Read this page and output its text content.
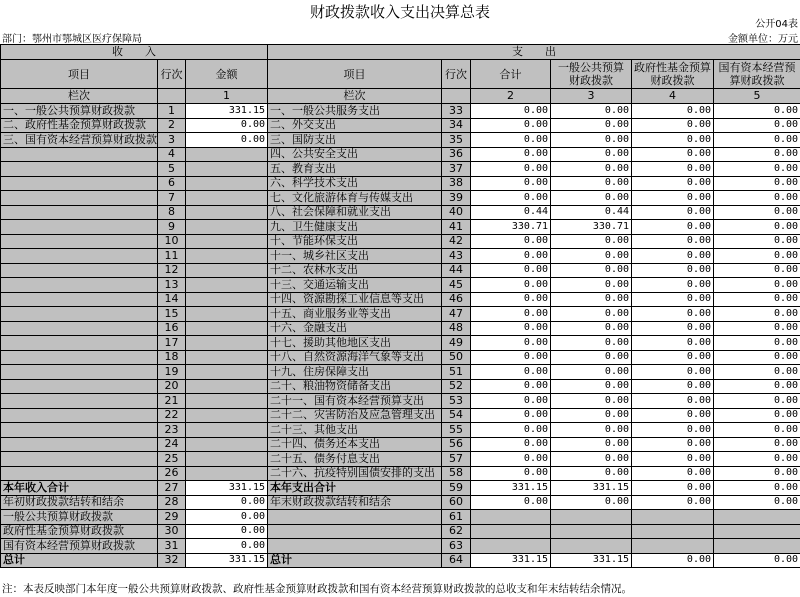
财政拨款收入支出决算总表
公开04表
部门：鄂州市鄂城区医疗保障局	金额单位：万元
收　　入			支　　出					
项目	行次	金额	项目	行次	合计	一般公共预算财政拨款	政府性基金预算财政拨款	国有资本经营预算财政拨款
栏次		1	栏次		2	3	4	5
一、一般公共预算财政拨款	1	331.15	一、一般公共服务支出	33	0.00	0.00	0.00	0.00
二、政府性基金预算财政拨款	2	0.00	二、外交支出	34	0.00	0.00	0.00	0.00
三、国有资本经营预算财政拨款	3	0.00	三、国防支出	35	0.00	0.00	0.00	0.00
	4		四、公共安全支出	36	0.00	0.00	0.00	0.00
	5		五、教育支出	37	0.00	0.00	0.00	0.00
	6		六、科学技术支出	38	0.00	0.00	0.00	0.00
	7		七、文化旅游体育与传媒支出	39	0.00	0.00	0.00	0.00
	8		八、社会保障和就业支出	40	0.44	0.44	0.00	0.00
	9		九、卫生健康支出	41	330.71	330.71	0.00	0.00
	10		十、节能环保支出	42	0.00	0.00	0.00	0.00
	11		十一、城乡社区支出	43	0.00	0.00	0.00	0.00
	12		十二、农林水支出	44	0.00	0.00	0.00	0.00
	13		十三、交通运输支出	45	0.00	0.00	0.00	0.00
	14		十四、资源勘探工业信息等支出	46	0.00	0.00	0.00	0.00
	15		十五、商业服务业等支出	47	0.00	0.00	0.00	0.00
	16		十六、金融支出	48	0.00	0.00	0.00	0.00
	17		十七、援助其他地区支出	49	0.00	0.00	0.00	0.00
	18		十八、自然资源海洋气象等支出	50	0.00	0.00	0.00	0.00
	19		十九、住房保障支出	51	0.00	0.00	0.00	0.00
	20		二十、粮油物资储备支出	52	0.00	0.00	0.00	0.00
	21		二十一、国有资本经营预算支出	53	0.00	0.00	0.00	0.00
	22		二十二、灾害防治及应急管理支出	54	0.00	0.00	0.00	0.00
	23		二十三、其他支出	55	0.00	0.00	0.00	0.00
	24		二十四、债务还本支出	56	0.00	0.00	0.00	0.00
	25		二十五、债务付息支出	57	0.00	0.00	0.00	0.00
	26		二十六、抗疫特别国债安排的支出	58	0.00	0.00	0.00	0.00
本年收入合计	27	331.15	本年支出合计	59	331.15	331.15	0.00	0.00
年初财政拨款结转和结余	28	0.00	年末财政拨款结转和结余	60	0.00	0.00	0.00	0.00
一般公共预算财政拨款	29	0.00		61				
政府性基金预算财政拨款	30	0.00		62				
国有资本经营预算财政拨款	31	0.00		63				
总计	32	331.15	总计	64	331.15	331.15	0.00	0.00
注：本表反映部门本年度一般公共预算财政拨款、政府性基金预算财政拨款和国有资本经营预算财政拨款的总收支和年末结转结余情况。
